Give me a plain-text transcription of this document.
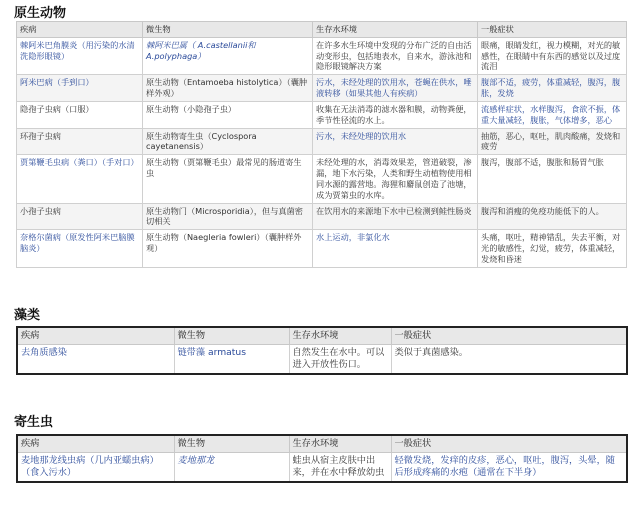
原生动物
疾病	微生物	生存水环境	一般症状
棘阿米巴角膜炎（用污染的水清洗隐形眼镜）	棘阿米巴属（ A.castellanii和A.polyphaga）	在许多水生环境中发现的分布广泛的自由活动变形虫，包括地表水，自来水，游泳池和隐形眼镜解决方案	眼痛，眼睛发红，视力模糊，对光的敏感性，在眼睛中有东西的感觉以及过度流泪
阿米巴病（手到口）	原生动物（Entamoeba histolytica）（囊肿样外观）	污水，未经处理的饮用水，苍蝇在供水，唾液转移（如果其他人有疾病）	腹部不适，疲劳，体重减轻，腹泻，腹胀，发烧
隐孢子虫病（口服）	原生动物（小隐孢子虫）	收集在无法消毒的滤水器和膜，动物粪便，季节性径流的水上。	流感样症状，水样腹泻，食欲不振，体重大量减轻，腹胀，气体增多，恶心
环孢子虫病	原生动物寄生虫（Cyclospora cayetanensis）	污水，未经处理的饮用水	抽筋，恶心，呕吐，肌肉酸痛，发烧和疲劳
贾第鞭毛虫病（粪口）（手对口）	原生动物（贾第鞭毛虫）最常见的肠道寄生虫	未经处理的水，消毒效果差，管道破裂，渗漏，地下水污染，人类和野生动植物使用相同水源的露营地。海狸和麝鼠创造了池塘，成为贾第虫的水库。	腹泻，腹部不适，腹胀和肠胃气胀
小孢子虫病	原生动物门（Microsporidia），但与真菌密切相关	在饮用水的来源地下水中已检测到鲑性肠炎	腹泻和消瘦的免疫功能低下的人。
奈格尔菌病（原发性阿米巴脑膜脑炎）	原生动物（Naegleria fowleri）（囊肿样外观）	水上运动，非氯化水	头痛，呕吐，精神错乱，失去平衡，对光的敏感性，幻觉，疲劳，体重减轻，发烧和昏迷
藻类
疾病	微生物	生存水环境	一般症状
去角质感染	链带藻 armatus	自然发生在水中。可以进入开放性伤口。	类似于真菌感染。
寄生虫
疾病	微生物	生存水环境	一般症状
麦地那龙线虫病（几内亚蠕虫病）（食入污水）	麦地那龙	蛙虫从宿主皮肤中出来，并在水中释放幼虫	轻微发烧，发痒的皮疹，恶心，呕吐，腹泻，头晕，随后形成疼痛的水疱（通常在下半身）
